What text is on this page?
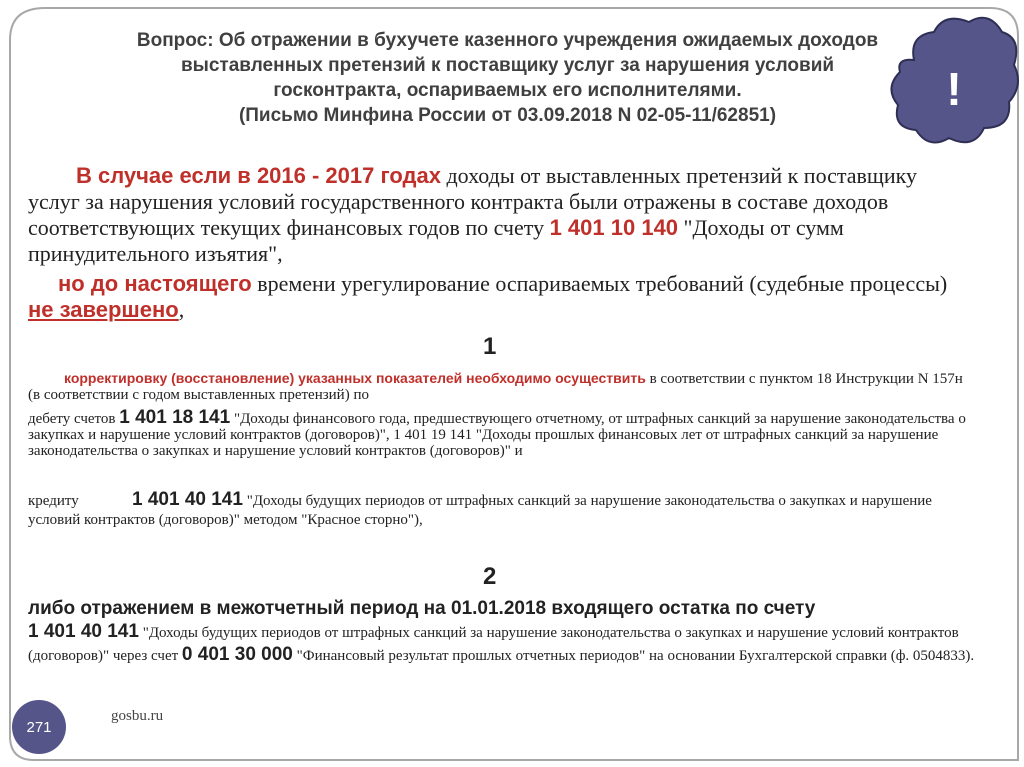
Вопрос: Об отражении в бухучете казенного учреждения ожидаемых доходов
выставленных претензий к поставщику услуг за нарушения условий
госконтракта, оспариваемых его исполнителями.
(Письмо Минфина России от 03.09.2018 N 02-05-11/62851)
!
В случае если в 2016 - 2017 годах доходы от выставленных претензий к поставщику услуг за нарушения условий государственного контракта были отражены в составе доходов соответствующих текущих финансовых годов по счету 1 401 10 140 "Доходы от сумм принудительного изъятия",
но до настоящего времени урегулирование оспариваемых требований (судебные процессы) не завершено,
1
корректировку (восстановление) указанных показателей необходимо осуществить в соответствии с пунктом 18 Инструкции N 157н (в соответствии с годом выставленных претензий) по
дебету счетов 1 401 18 141 "Доходы финансового года, предшествующего отчетному, от штрафных санкций за нарушение законодательства о закупках и нарушение условий контрактов (договоров)", 1 401 19 141 "Доходы прошлых финансовых лет от штрафных санкций за нарушение законодательства о закупках и нарушение условий контрактов (договоров)" и
кредиту	1 401 40 141 "Доходы будущих периодов от штрафных санкций за нарушение законодательства о закупках и нарушение условий контрактов (договоров)" методом "Красное сторно"),
2
либо отражением в межотчетный период на 01.01.2018 входящего остатка по счету
1 401 40 141 "Доходы будущих периодов от штрафных санкций за нарушение законодательства о закупках и нарушение условий контрактов (договоров)" через счет 0 401 30 000 "Финансовый результат прошлых отчетных периодов" на основании Бухгалтерской справки (ф. 0504833).
271
gosbu.ru
